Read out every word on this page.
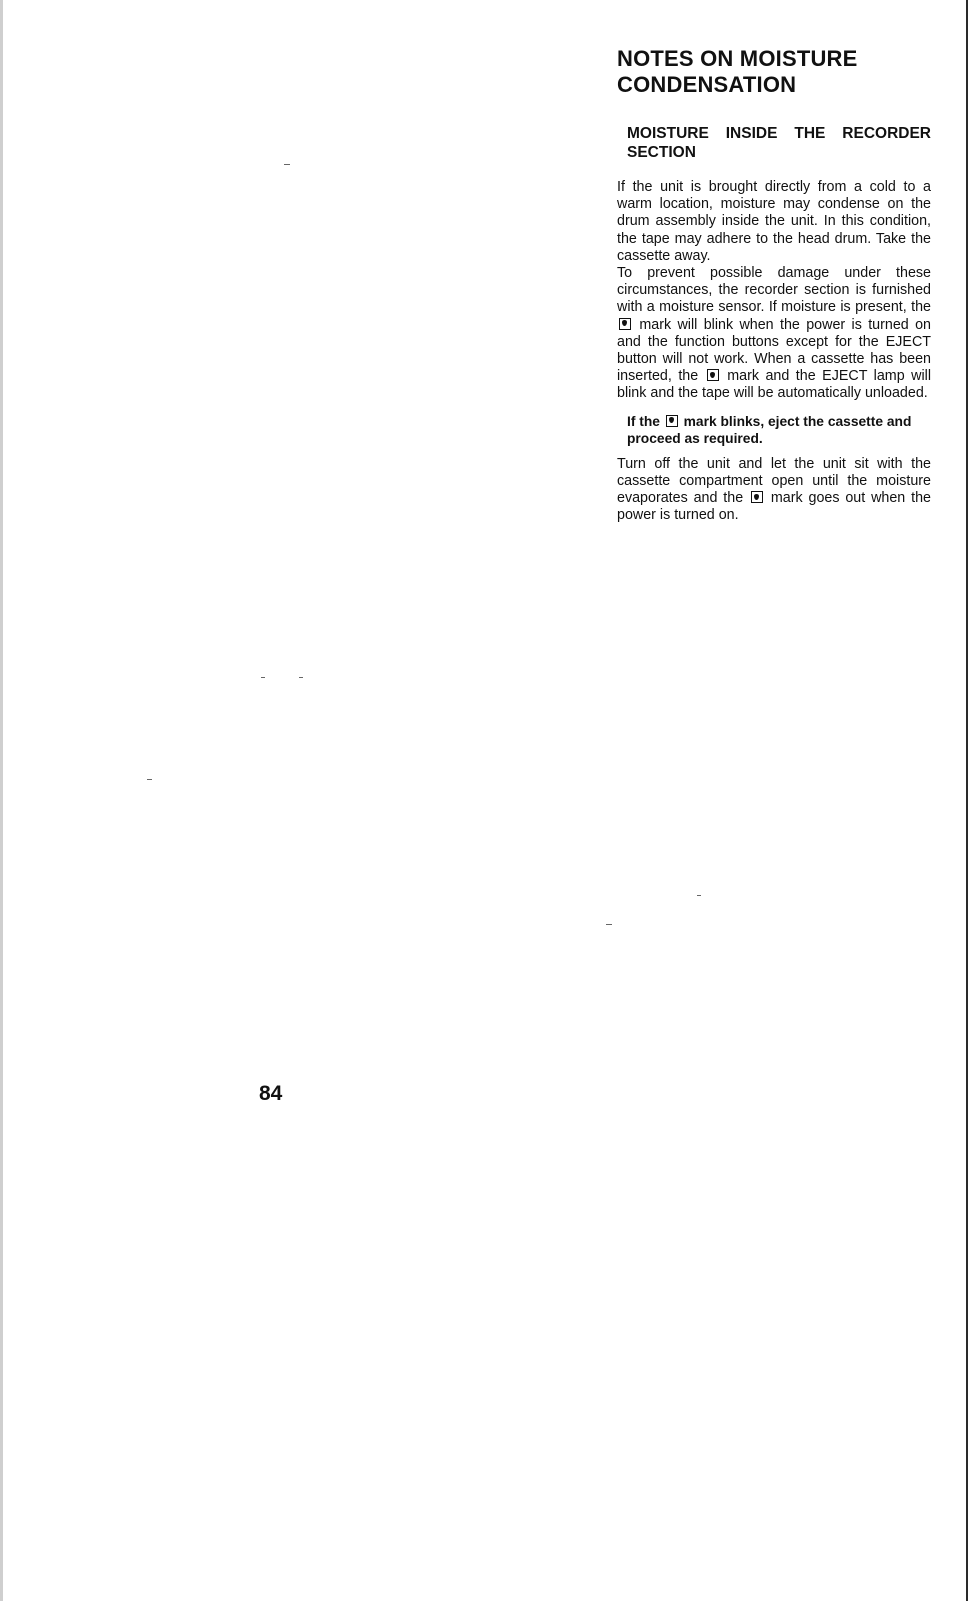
NOTES ON MOISTURE CONDENSATION
MOISTURE INSIDE THE RECORDER SECTION

If the unit is brought directly from a cold to a warm location, moisture may condense on the drum assembly inside the unit. In this condition, the tape may adhere to the head drum. Take the cassette away.

To prevent possible damage under these circumstances, the recorder section is furnished with a moisture sensor. If moisture is present, the  mark will blink when the power is turned on and the function buttons except for the EJECT button will not work. When a cassette has been inserted, the mark and the EJECT lamp will blink and the tape will be automatically unloaded.

If the mark blinks, eject the cassette and proceed as required.

Turn off the unit and let the unit sit with the cassette compartment open until the moisture evaporates and the mark goes out when the power is turned on.

84
